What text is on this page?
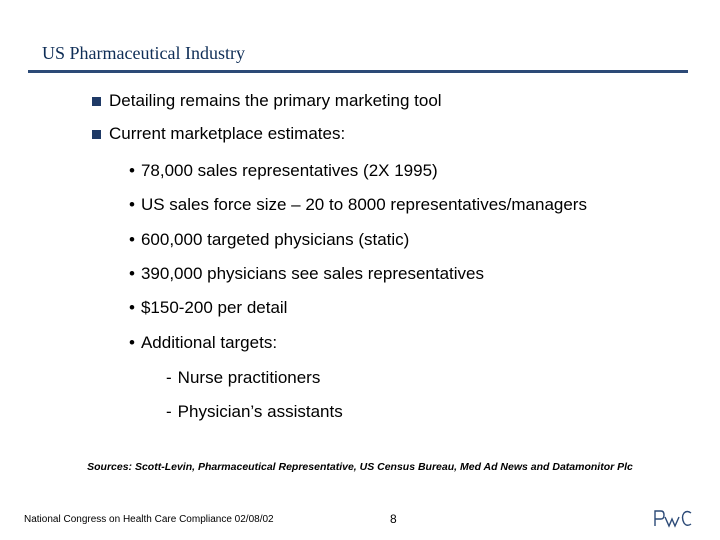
US Pharmaceutical Industry
Detailing remains the primary marketing tool
Current marketplace estimates:
• 78,000 sales representatives (2X 1995)
• US sales force size – 20 to 8000 representatives/managers
• 600,000 targeted physicians (static)
• 390,000 physicians see sales representatives
• $150-200 per detail
• Additional targets:
- Nurse practitioners
- Physician’s assistants
Sources: Scott-Levin, Pharmaceutical Representative, US Census Bureau, Med Ad News and Datamonitor Plc
National Congress on Health Care Compliance 02/08/02	8
